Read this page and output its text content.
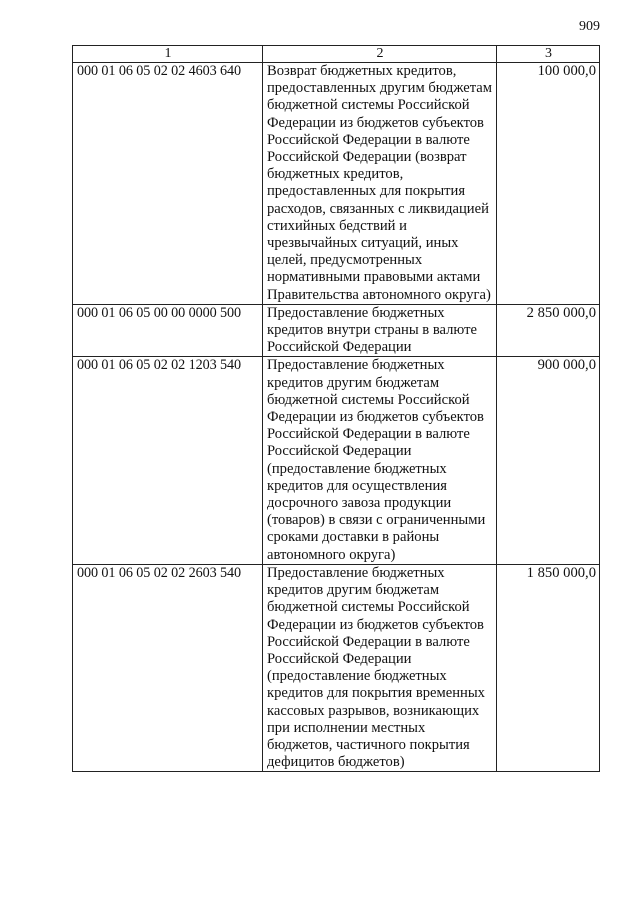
909
1	2	3
000 01 06 05 02 02 4603 640	Возврат бюджетных кредитов, предоставленных другим бюджетам бюджетной системы Российской Федерации из бюджетов субъектов Российской Федерации в валюте Российской Федерации (возврат бюджетных кредитов, предоставленных для покрытия расходов, связанных с ликвидацией стихийных бедствий и чрезвычайных ситуаций, иных целей, предусмотренных нормативными правовыми актами Правительства автономного округа)	100 000,0
000 01 06 05 00 00 0000 500	Предоставление бюджетных кредитов внутри страны в валюте Российской Федерации	2 850 000,0
000 01 06 05 02 02 1203 540	Предоставление бюджетных кредитов другим бюджетам бюджетной системы Российской Федерации из бюджетов субъектов Российской Федерации в валюте Российской Федерации (предоставление бюджетных кредитов для осуществления досрочного завоза продукции (товаров) в связи с ограниченными сроками доставки в районы автономного округа)	900 000,0
000 01 06 05 02 02 2603 540	Предоставление бюджетных кредитов другим бюджетам бюджетной системы Российской Федерации из бюджетов субъектов Российской Федерации в валюте Российской Федерации (предоставление бюджетных кредитов для покрытия временных кассовых разрывов, возникающих при исполнении местных бюджетов, частичного покрытия дефицитов бюджетов)	1 850 000,0
